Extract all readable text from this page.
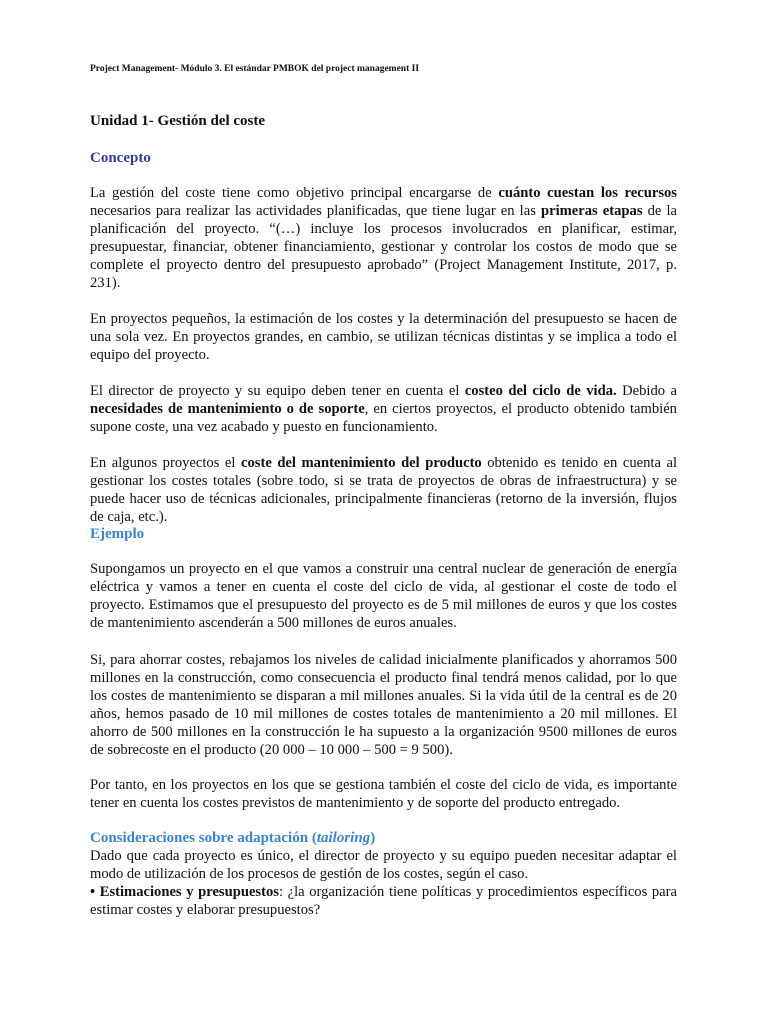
Project Management- Módulo 3. El estándar PMBOK del project management II
Unidad 1- Gestión del coste
Concepto
La gestión del coste tiene como objetivo principal encargarse de cuánto cuestan los recursos necesarios para realizar las actividades planificadas, que tiene lugar en las primeras etapas de la planificación del proyecto. “(…) incluye los procesos involucrados en planificar, estimar, presupuestar, financiar, obtener financiamiento, gestionar y controlar los costos de modo que se complete el proyecto dentro del presupuesto aprobado” (Project Management Institute, 2017, p. 231).
En proyectos pequeños, la estimación de los costes y la determinación del presupuesto se hacen de una sola vez. En proyectos grandes, en cambio, se utilizan técnicas distintas y se implica a todo el equipo del proyecto.
El director de proyecto y su equipo deben tener en cuenta el costeo del ciclo de vida. Debido a necesidades de mantenimiento o de soporte, en ciertos proyectos, el producto obtenido también supone coste, una vez acabado y puesto en funcionamiento.
En algunos proyectos el coste del mantenimiento del producto obtenido es tenido en cuenta al gestionar los costes totales (sobre todo, si se trata de proyectos de obras de infraestructura) y se puede hacer uso de técnicas adicionales, principalmente financieras (retorno de la inversión, flujos de caja, etc.).
Ejemplo
Supongamos un proyecto en el que vamos a construir una central nuclear de generación de energía eléctrica y vamos a tener en cuenta el coste del ciclo de vida, al gestionar el coste de todo el proyecto. Estimamos que el presupuesto del proyecto es de 5 mil millones de euros y que los costes de mantenimiento ascenderán a 500 millones de euros anuales.
Si, para ahorrar costes, rebajamos los niveles de calidad inicialmente planificados y ahorramos 500 millones en la construcción, como consecuencia el producto final tendrá menos calidad, por lo que los costes de mantenimiento se disparan a mil millones anuales. Si la vida útil de la central es de 20 años, hemos pasado de 10 mil millones de costes totales de mantenimiento a 20 mil millones. El ahorro de 500 millones en la construcción le ha supuesto a la organización 9500 millones de euros de sobrecoste en el producto (20 000 – 10 000 – 500 = 9 500).
Por tanto, en los proyectos en los que se gestiona también el coste del ciclo de vida, es importante tener en cuenta los costes previstos de mantenimiento y de soporte del producto entregado.
Consideraciones sobre adaptación (tailoring)
Dado que cada proyecto es único, el director de proyecto y su equipo pueden necesitar adaptar el modo de utilización de los procesos de gestión de los costes, según el caso.
• Estimaciones y presupuestos: ¿la organización tiene políticas y procedimientos específicos para estimar costes y elaborar presupuestos?
